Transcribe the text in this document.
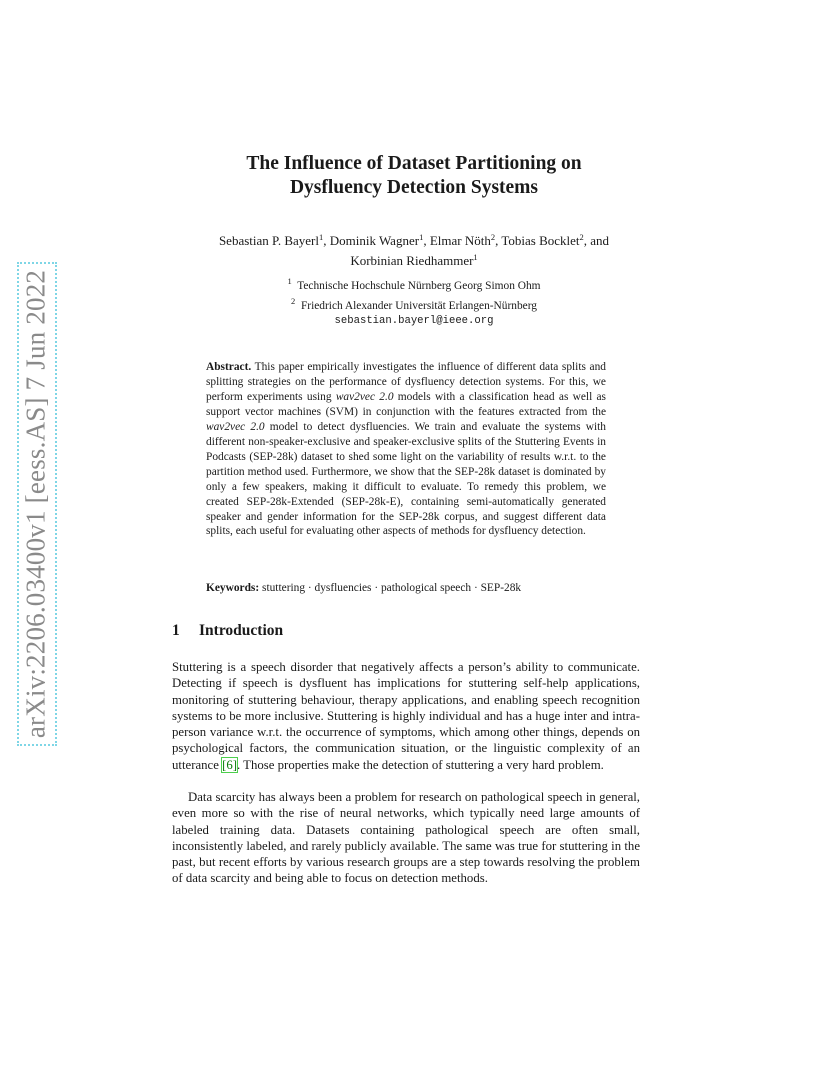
arXiv:2206.03400v1 [eess.AS] 7 Jun 2022
The Influence of Dataset Partitioning on
Dysfluency Detection Systems
Sebastian P. Bayerl$^1$, Dominik Wagner$^1$, Elmar Nöth$^2$, Tobias Bocklet$^2$, and
Korbinian Riedhammer$^1$
$^1$ Technische Hochschule Nürnberg Georg Simon Ohm
$^2$ Friedrich Alexander Universität Erlangen-Nürnberg
sebastian.bayerl@ieee.org
Abstract. This paper empirically investigates the influence of different data splits and splitting strategies on the performance of dysfluency detection systems. For this, we perform experiments using wav2vec 2.0 models with a classification head as well as support vector machines (SVM) in conjunction with the features extracted from the wav2vec 2.0 model to detect dysfluencies. We train and evaluate the systems with different non-speaker-exclusive and speaker-exclusive splits of the Stuttering Events in Podcasts (SEP-28k) dataset to shed some light on the variability of results w.r.t. to the partition method used. Furthermore, we show that the SEP-28k dataset is dominated by only a few speakers, making it difficult to evaluate. To remedy this problem, we created SEP-28k-Extended (SEP-28k-E), containing semi-automatically generated speaker and gender information for the SEP-28k corpus, and suggest different data splits, each useful for evaluating other aspects of methods for dysfluency detection.
Keywords: stuttering · dysfluencies · pathological speech · SEP-28k
1 Introduction

Stuttering is a speech disorder that negatively affects a person’s ability to communicate. Detecting if speech is dysfluent has implications for stuttering self-help applications, monitoring of stuttering behaviour, therapy applications, and enabling speech recognition systems to be more inclusive. Stuttering is highly individual and has a huge inter and intra-person variance w.r.t. the occurrence of symptoms, which among other things, depends on psychological factors, the communication situation, or the linguistic complexity of an utterance [6]. Those properties make the detection of stuttering a very hard problem.

Data scarcity has always been a problem for research on pathological speech in general, even more so with the rise of neural networks, which typically need large amounts of labeled training data. Datasets containing pathological speech are often small, inconsistently labeled, and rarely publicly available. The same was true for stuttering in the past, but recent efforts by various research groups are a step towards resolving the problem of data scarcity and being able to focus on detection methods.
